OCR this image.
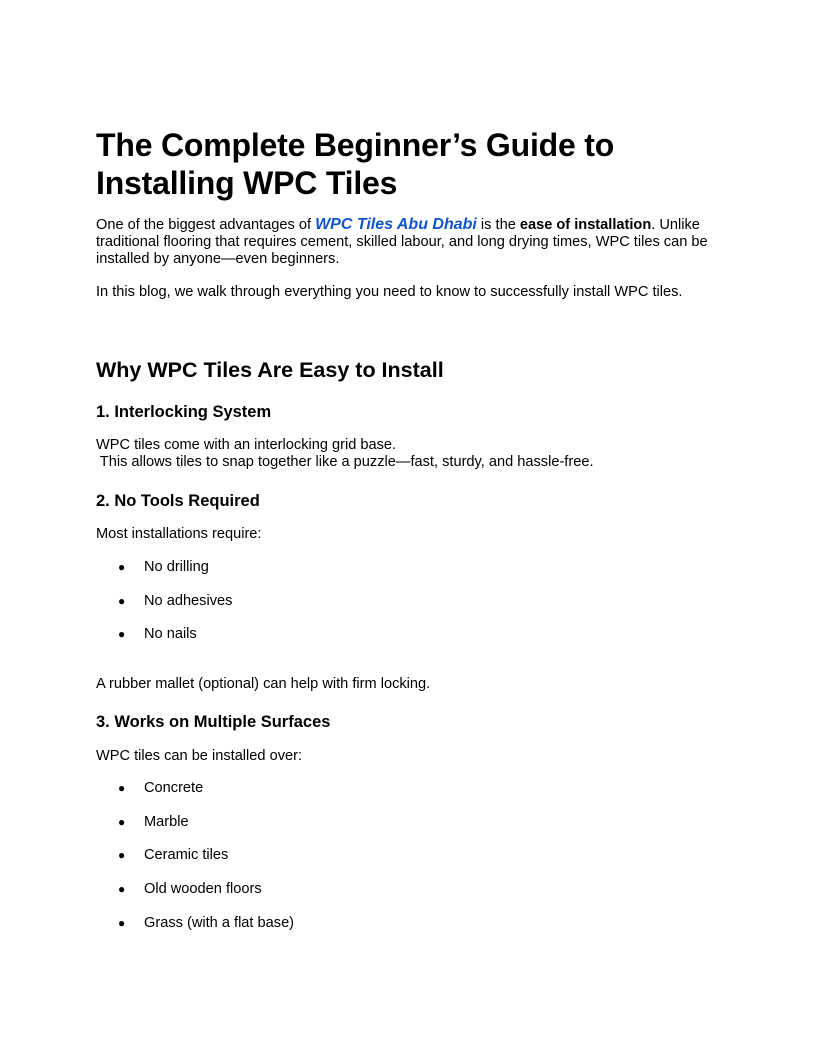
The Complete Beginner’s Guide to Installing WPC Tiles

One of the biggest advantages of WPC Tiles Abu Dhabi is the ease of installation. Unlike traditional flooring that requires cement, skilled labour, and long drying times, WPC tiles can be installed by anyone—even beginners.

In this blog, we walk through everything you need to know to successfully install WPC tiles.

Why WPC Tiles Are Easy to Install
1. Interlocking System

WPC tiles come with an interlocking grid base.
This allows tiles to snap together like a puzzle—fast, sturdy, and hassle-free.

2. No Tools Required

Most installations require:

● No drilling
● No adhesives
● No nails

A rubber mallet (optional) can help with firm locking.

3. Works on Multiple Surfaces

WPC tiles can be installed over:

● Concrete
● Marble
● Ceramic tiles
● Old wooden floors
● Grass (with a flat base)
